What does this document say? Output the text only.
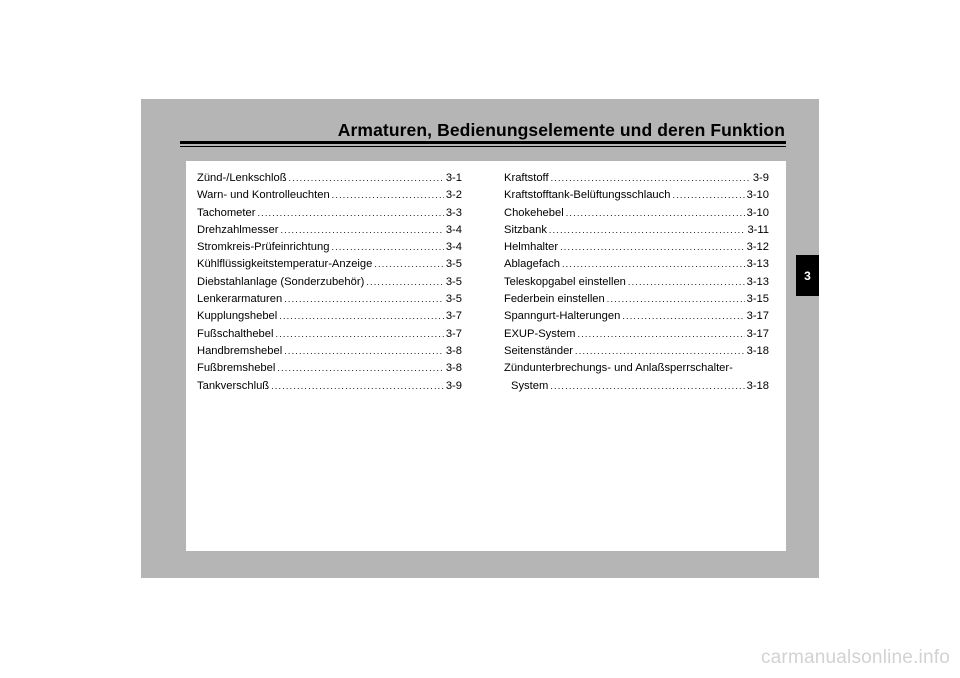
Armaturen, Bedienungselemente und deren Funktion
Zünd-/Lenkschloß .....	3-1
Warn- und Kontrolleuchten .....	3-2
Tachometer .....	3-3
Drehzahlmesser .....	3-4
Stromkreis-Prüfeinrichtung .....	3-4
Kühlflüssigkeitstemperatur-Anzeige .....	3-5
Diebstahlanlage (Sonderzubehör) .....	3-5
Lenkerarmaturen .....	3-5
Kupplungshebel .....	3-7
Fußschalthebel .....	3-7
Handbremshebel .....	3-8
Fußbremshebel .....	3-8
Tankverschluß .....	3-9
Kraftstoff .....	3-9
Kraftstofftank-Belüftungsschlauch .....	3-10
Chokehebel .....	3-10
Sitzbank .....	3-11
Helmhalter .....	3-12
Ablagefach .....	3-13
Teleskopgabel einstellen .....	3-13
Federbein einstellen .....	3-15
Spanngurt-Halterungen .....	3-17
EXUP-System .....	3-17
Seitenständer .....	3-18
Zündunterbrechungs- und Anlaßsperrschalter-
System .....	3-18
3
carmanualsonline.info
